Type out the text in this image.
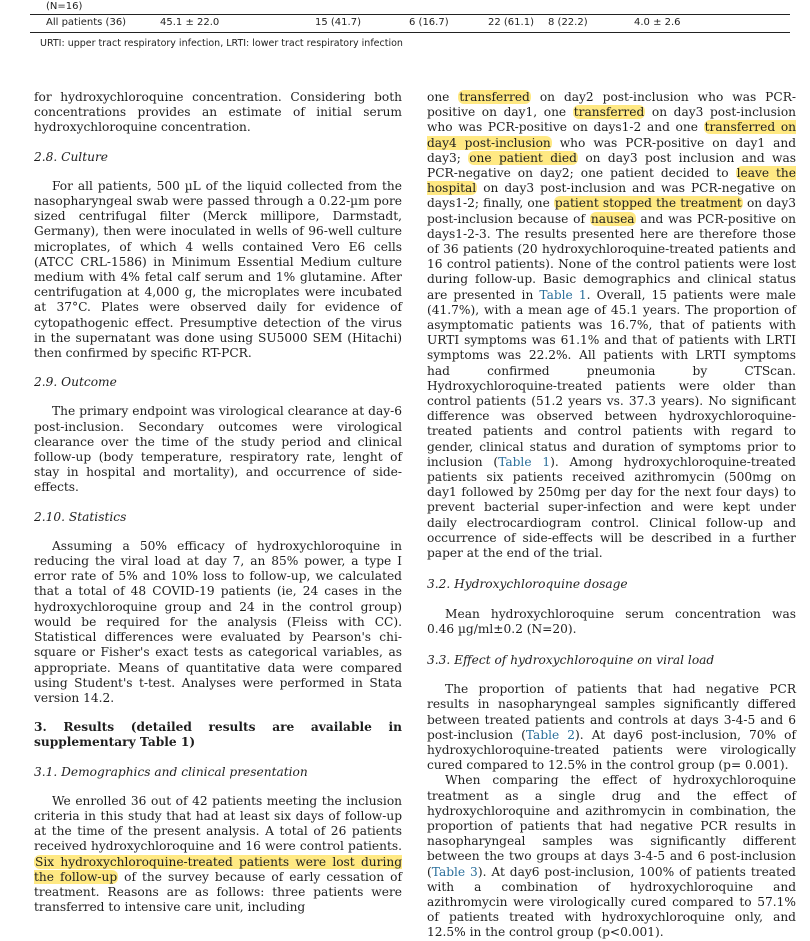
(N=16)
All patients (36)	45.1 ± 22.0	15 (41.7)	6 (16.7)	22 (61.1) 8 (22.2)	4.0 ± 2.6
URTI: upper tract respiratory infection, LRTI: lower tract respiratory infection

for hydroxychloroquine concentration. Considering both concentrations provides an estimate of initial serum hydroxychloroquine concentration.

2.8. Culture

For all patients, 500 µL of the liquid collected from the nasopharyngeal swab were passed through a 0.22-µm pore sized centrifugal filter (Merck millipore, Darmstadt, Germany), then were inoculated in wells of 96-well culture microplates, of which 4 wells contained Vero E6 cells (ATCC CRL-1586) in Minimum Essential Medium culture medium with 4% fetal calf serum and 1% glutamine. After centrifugation at 4,000 g, the microplates were incubated at 37°C. Plates were observed daily for evidence of cytopathogenic effect. Presumptive detection of the virus in the supernatant was done using SU5000 SEM (Hitachi) then confirmed by specific RT-PCR.

2.9. Outcome

The primary endpoint was virological clearance at day-6 post-inclusion. Secondary outcomes were virological clearance over the time of the study period and clinical follow-up (body temperature, respiratory rate, lenght of stay in hospital and mortality), and occurrence of side-effects.

2.10. Statistics

Assuming a 50% efficacy of hydroxychloroquine in reducing the viral load at day 7, an 85% power, a type I error rate of 5% and 10% loss to follow-up, we calculated that a total of 48 COVID-19 patients (ie, 24 cases in the hydroxychloroquine group and 24 in the control group) would be required for the analysis (Fleiss with CC). Statistical differences were evaluated by Pearson's chi-square or Fisher's exact tests as categorical variables, as appropriate. Means of quantitative data were compared using Student's t-test. Analyses were performed in Stata version 14.2.

3. Results (detailed results are available in supplementary Table 1)

3.1. Demographics and clinical presentation

We enrolled 36 out of 42 patients meeting the inclusion criteria in this study that had at least six days of follow-up at the time of the present analysis. A total of 26 patients received hydroxychloroquine and 16 were control patients. Six hydroxychloroquine-treated patients were lost during the follow-up of the survey because of early cessation of treatment. Reasons are as follows: three patients were transferred to intensive care unit, including

one transferred on day2 post-inclusion who was PCR-positive on day1, one transferred on day3 post-inclusion who was PCR-positive on days1-2 and one transferred on day4 post-inclusion who was PCR-positive on day1 and day3; one patient died on day3 post inclusion and was PCR-negative on day2; one patient decided to leave the hospital on day3 post-inclusion and was PCR-negative on days1-2; finally, one patient stopped the treatment on day3 post-inclusion because of nausea and was PCR-positive on days1-2-3. The results presented here are therefore those of 36 patients (20 hydroxychloroquine-treated patients and 16 control patients). None of the control patients were lost during follow-up. Basic demographics and clinical status are presented in Table 1. Overall, 15 patients were male (41.7%), with a mean age of 45.1 years. The proportion of asymptomatic patients was 16.7%, that of patients with URTI symptoms was 61.1% and that of patients with LRTI symptoms was 22.2%. All patients with LRTI symptoms had confirmed pneumonia by CTScan. Hydroxychloroquine-treated patients were older than control patients (51.2 years vs. 37.3 years). No significant difference was observed between hydroxychloroquine-treated patients and control patients with regard to gender, clinical status and duration of symptoms prior to inclusion (Table 1). Among hydroxychloroquine-treated patients six patients received azithromycin (500mg on day1 followed by 250mg per day for the next four days) to prevent bacterial super-infection and were kept under daily electrocardiogram control. Clinical follow-up and occurrence of side-effects will be described in a further paper at the end of the trial.

3.2. Hydroxychloroquine dosage

Mean hydroxychloroquine serum concentration was 0.46 µg/ml±0.2 (N=20).

3.3. Effect of hydroxychloroquine on viral load

The proportion of patients that had negative PCR results in nasopharyngeal samples significantly differed between treated patients and controls at days 3-4-5 and 6 post-inclusion (Table 2). At day6 post-inclusion, 70% of hydroxychloroquine-treated patients were virologically cured compared to 12.5% in the control group (p= 0.001).

When comparing the effect of hydroxychloroquine treatment as a single drug and the effect of hydroxychloroquine and azithromycin in combination, the proportion of patients that had negative PCR results in nasopharyngeal samples was significantly different between the two groups at days 3-4-5 and 6 post-inclusion (Table 3). At day6 post-inclusion, 100% of patients treated with a combination of hydroxychloroquine and azithromycin were virologically cured compared to 57.1% of patients treated with hydroxychloroquine only, and 12.5% in the control group (p<0.001).
